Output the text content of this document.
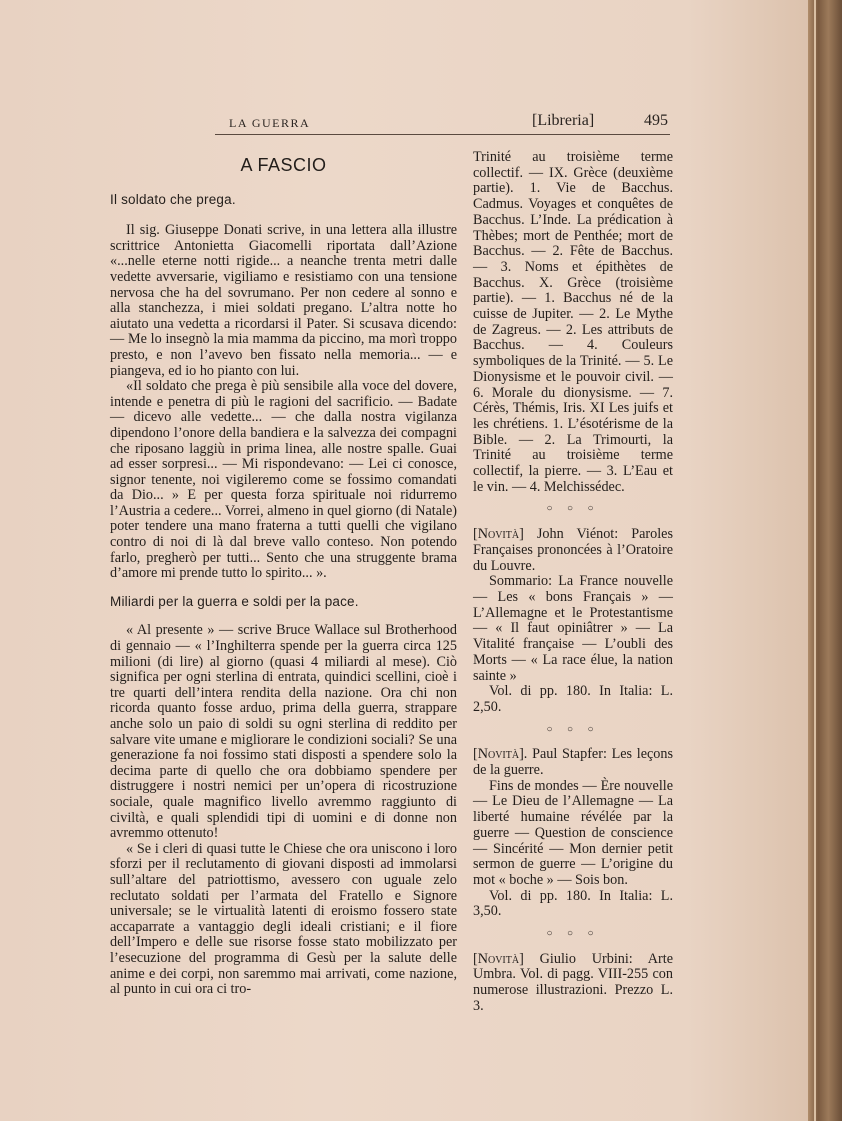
LA GUERRA	[Libreria]	495
A FASCIO
Il soldato che prega.

Il sig. Giuseppe Donati scrive, in una lettera alla illustre scrittrice Antonietta Giacomelli riportata dall’Azione «...nelle eterne notti rigide... a neanche trenta metri dalle vedette avversarie, vigiliamo e resistiamo con una tensione nervosa che ha del sovrumano. Per non cedere al sonno e alla stanchezza, i miei soldati pregano. L’altra notte ho aiutato una vedetta a ricordarsi il Pater. Si scusava dicendo: — Me lo insegnò la mia mamma da piccino, ma morì troppo presto, e non l’avevo ben fissato nella memoria... — e piangeva, ed io ho pianto con lui.

«Il soldato che prega è più sensibile alla voce del dovere, intende e penetra di più le ragioni del sacrificio. — Badate — dicevo alle vedette... — che dalla nostra vigilanza dipendono l’onore della bandiera e la salvezza dei compagni che riposano laggiù in prima linea, alle nostre spalle. Guai ad esser sorpresi... — Mi rispondevano: — Lei ci conosce, signor tenente, noi vigileremo come se fossimo comandati da Dio... » E per questa forza spirituale noi ridurremo l’Austria a cedere... Vorrei, almeno in quel giorno (di Natale) poter tendere una mano fraterna a tutti quelli che vigilano contro di noi di là dal breve vallo conteso. Non potendo farlo, pregherò per tutti... Sento che una struggente brama d’amore mi prende tutto lo spirito... ».

Miliardi per la guerra e soldi per la pace.

« Al presente » — scrive Bruce Wallace sul Brotherhood di gennaio — « l’Inghilterra spende per la guerra circa 125 milioni (di lire) al giorno (quasi 4 miliardi al mese). Ciò significa per ogni sterlina di entrata, quindici scellini, cioè i tre quarti dell’intera rendita della nazione. Ora chi non ricorda quanto fosse arduo, prima della guerra, strappare anche solo un paio di soldi su ogni sterlina di reddito per salvare vite umane e migliorare le condizioni sociali? Se una generazione fa noi fossimo stati disposti a spendere solo la decima parte di quello che ora dobbiamo spendere per distruggere i nostri nemici per un’opera di ricostruzione sociale, quale magnifico livello avremmo raggiunto di civiltà, e quali splendidi tipi di uomini e di donne non avremmo ottenuto!

« Se i cleri di quasi tutte le Chiese che ora uniscono i loro sforzi per il reclutamento di giovani disposti ad immolarsi sull’altare del patriottismo, avessero con uguale zelo reclutato soldati per l’armata del Fratello e Signore universale; se le virtualità latenti di eroismo fossero state accaparrate a vantaggio degli ideali cristiani; e il fiore dell’Impero e delle sue risorse fosse stato mobilizzato per l’esecuzione del programma di Gesù per la salute delle anime e dei corpi, non saremmo mai arrivati, come nazione, al punto in cui ora ci tro-

Trinité au troisième terme collectif. — IX. Grèce (deuxième partie). 1. Vie de Bacchus. Cadmus. Voyages et conquêtes de Bacchus. L’Inde. La prédication à Thèbes; mort de Penthée; mort de Bacchus. — 2. Fête de Bacchus. — 3. Noms et épithètes de Bacchus. X. Grèce (troisième partie). — 1. Bacchus né de la cuisse de Jupiter. — 2. Le Mythe de Zagreus. — 2. Les attributs de Bacchus. — 4. Couleurs symboliques de la Trinité. — 5. Le Dionysisme et le pouvoir civil. — 6. Morale du dionysisme. — 7. Cérès, Thémis, Iris. XI Les juifs et les chrétiens. 1. L’ésotérisme de la Bible. — 2. La Trimourti, la Trinité au troisième terme collectif, la pierre. — 3. L’Eau et le vin. — 4. Melchissédec.

○ ○ ○

[Novità] John Viénot: Paroles Françaises prononcées à l’Oratoire du Louvre.

Sommario: La France nouvelle — Les « bons Français » — L’Allemagne et le Protestantisme — « Il faut opiniâtrer » — La Vitalité française — L’oubli des Morts — « La race élue, la nation sainte »

Vol. di pp. 180. In Italia: L. 2,50.

○ ○ ○

[Novità]. Paul Stapfer: Les leçons de la guerre.

Fins de mondes — Ère nouvelle — Le Dieu de l’Allemagne — La liberté humaine révélée par la guerre — Question de conscience — Sincérité — Mon dernier petit sermon de guerre — L’origine du mot « boche » — Sois bon.

Vol. di pp. 180. In Italia: L. 3,50.

○ ○ ○

[Novità] Giulio Urbini: Arte Umbra. Vol. di pagg. VIII-255 con numerose illustrazioni. Prezzo L. 3.
